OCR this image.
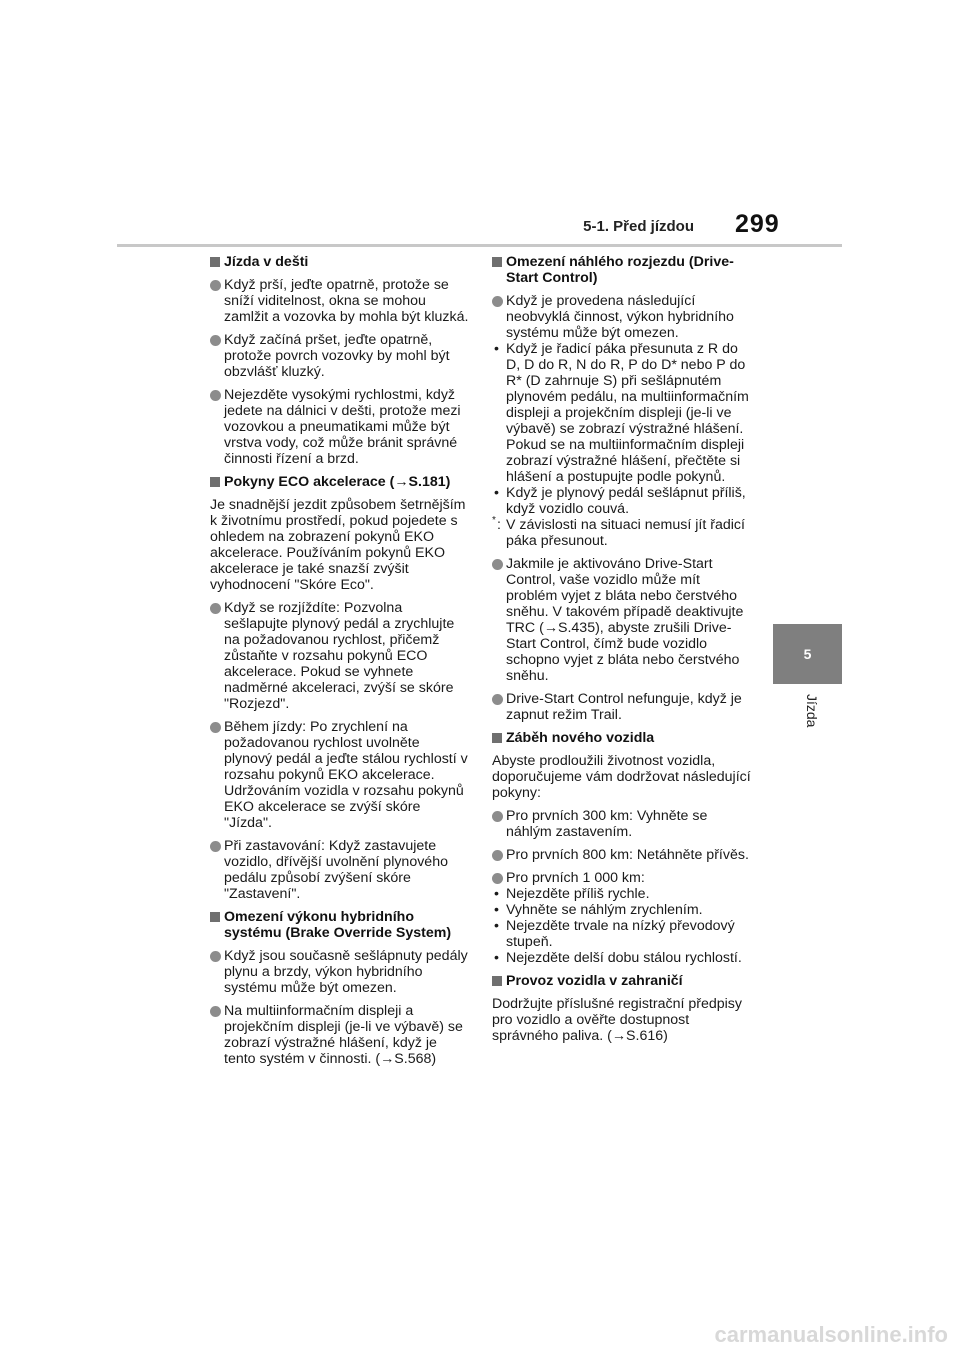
5-1. Před jízdou 299
5
Jízda
Jízda v dešti
Když prší, jeďte opatrně, protože se sníží viditelnost, okna se mohou zamlžit a vozovka by mohla být kluzká.
Když začíná pršet, jeďte opatrně, protože povrch vozovky by mohl být obzvlášť kluzký.
Nejezděte vysokými rychlostmi, když jedete na dálnici v dešti, protože mezi vozovkou a pneumatikami může být vrstva vody, což může bránit správné činnosti řízení a brzd.
Pokyny ECO akcelerace (→S.181)
Je snadnější jezdit způsobem šetrnějším k životnímu prostředí, pokud pojedete s ohledem na zobrazení pokynů EKO akcelerace. Používáním pokynů EKO akcelerace je také snazší zvýšit vyhodnocení "Skóre Eco".
Když se rozjíždíte: Pozvolna sešlapujte plynový pedál a zrychlujte na požadovanou rychlost, přičemž zůstaňte v rozsahu pokynů ECO akcelerace. Pokud se vyhnete nadměrné akceleraci, zvýší se skóre "Rozjezd".
Během jízdy: Po zrychlení na požadovanou rychlost uvolněte plynový pedál a jeďte stálou rychlostí v rozsahu pokynů EKO akcelerace. Udržováním vozidla v rozsahu pokynů EKO akcelerace se zvýší skóre "Jízda".
Při zastavování: Když zastavujete vozidlo, dřívější uvolnění plynového pedálu způsobí zvýšení skóre "Zastavení".
Omezení výkonu hybridního systému (Brake Override System)
Když jsou současně sešlápnuty pedály plynu a brzdy, výkon hybridního systému může být omezen.
Na multiinformačním displeji a projekčním displeji (je-li ve výbavě) se zobrazí výstražné hlášení, když je tento systém v činnosti. (→S.568)
Omezení náhlého rozjezdu (Drive-Start Control)
Když je provedena následující neobvyklá činnost, výkon hybridního systému může být omezen.
• Když je řadicí páka přesunuta z R do D, D do R, N do R, P do D* nebo P do R* (D zahrnuje S) při sešlápnutém plynovém pedálu, na multiinformačním displeji a projekčním displeji (je-li ve výbavě) se zobrazí výstražné hlášení. Pokud se na multiinformačním displeji zobrazí výstražné hlášení, přečtěte si hlášení a postupujte podle pokynů.
• Když je plynový pedál sešlápnut příliš, když vozidlo couvá.
* : V závislosti na situaci nemusí jít řadicí páka přesunout.
Jakmile je aktivováno Drive-Start Control, vaše vozidlo může mít problém vyjet z bláta nebo čerstvého sněhu. V takovém případě deaktivujte TRC (→S.435), abyste zrušili Drive-Start Control, čímž bude vozidlo schopno vyjet z bláta nebo čerstvého sněhu.
Drive-Start Control nefunguje, když je zapnut režim Trail.
Záběh nového vozidla
Abyste prodloužili životnost vozidla, doporučujeme vám dodržovat následující pokyny:
Pro prvních 300 km: Vyhněte se náhlým zastavením.
Pro prvních 800 km: Netáhněte přívěs.
Pro prvních 1 000 km:
• Nejezděte příliš rychle.
• Vyhněte se náhlým zrychlením.
• Nejezděte trvale na nízký převodový stupeň.
• Nejezděte delší dobu stálou rychlostí.
Provoz vozidla v zahraničí
Dodržujte příslušné registrační předpisy pro vozidlo a ověřte dostupnost správného paliva. (→S.616)
carmanualsonline.info
